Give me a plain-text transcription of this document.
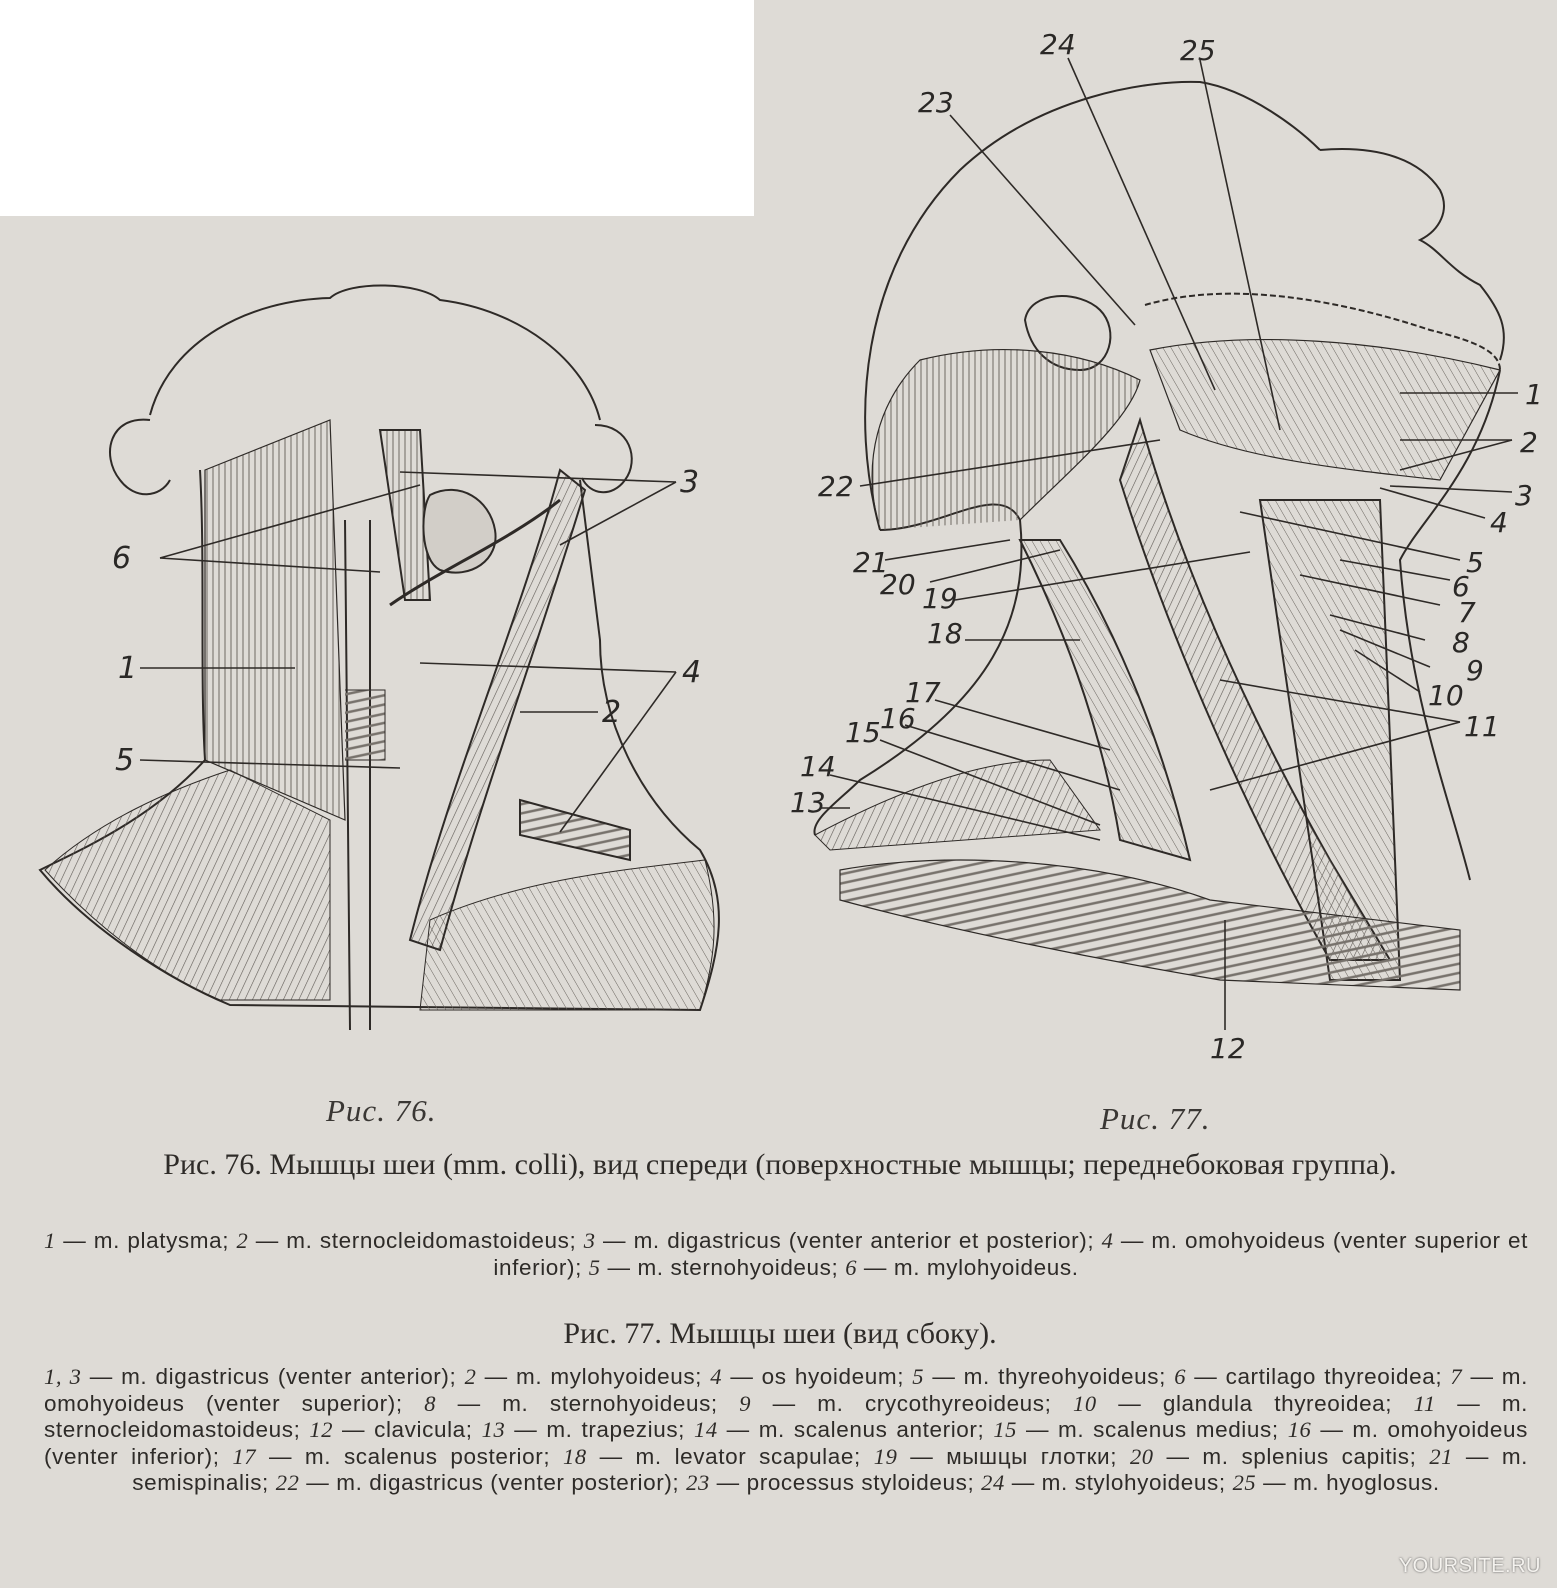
1
2
3
4
5
6
1
2
3
4
5
6
7
8
9
10
11
12
13
14
15 16
17
18
19
20
21
22
23
24	25
Рис. 76.	Рис. 77.
Рис. 76. Мышцы шеи (mm. colli), вид спереди (поверхностные мышцы; переднебоковая группа).
1 — m. platysma; 2 — m. sternocleidomastoideus; 3 — m. digastricus (venter anterior et posterior); 4 — m. omohyoideus (venter superior et inferior); 5 — m. sternohyoideus; 6 — m. mylohyoideus.
Рис. 77. Мышцы шеи (вид сбоку).
1, 3 — m. digastricus (venter anterior); 2 — m. mylohyoideus; 4 — os hyoideum; 5 — m. thyreohyoideus; 6 — cartilago thyreoidea; 7 — m. omohyoideus (venter superior); 8 — m. sternohyoideus; 9 — m. crycothyreoideus; 10 — glandula thyreoidea; 11 — m. sternocleidomastoideus; 12 — clavicula; 13 — m. trapezius; 14 — m. scalenus anterior; 15 — m. scalenus medius; 16 — m. omohyoideus (venter inferior); 17 — m. scalenus posterior; 18 — m. levator scapulae; 19 — мышцы глотки; 20 — m. splenius capitis; 21 — m. semispinalis; 22 — m. digastricus (venter posterior); 23 — processus styloideus; 24 — m. stylohyoideus; 25 — m. hyoglosus.
YOURSITE.RU
